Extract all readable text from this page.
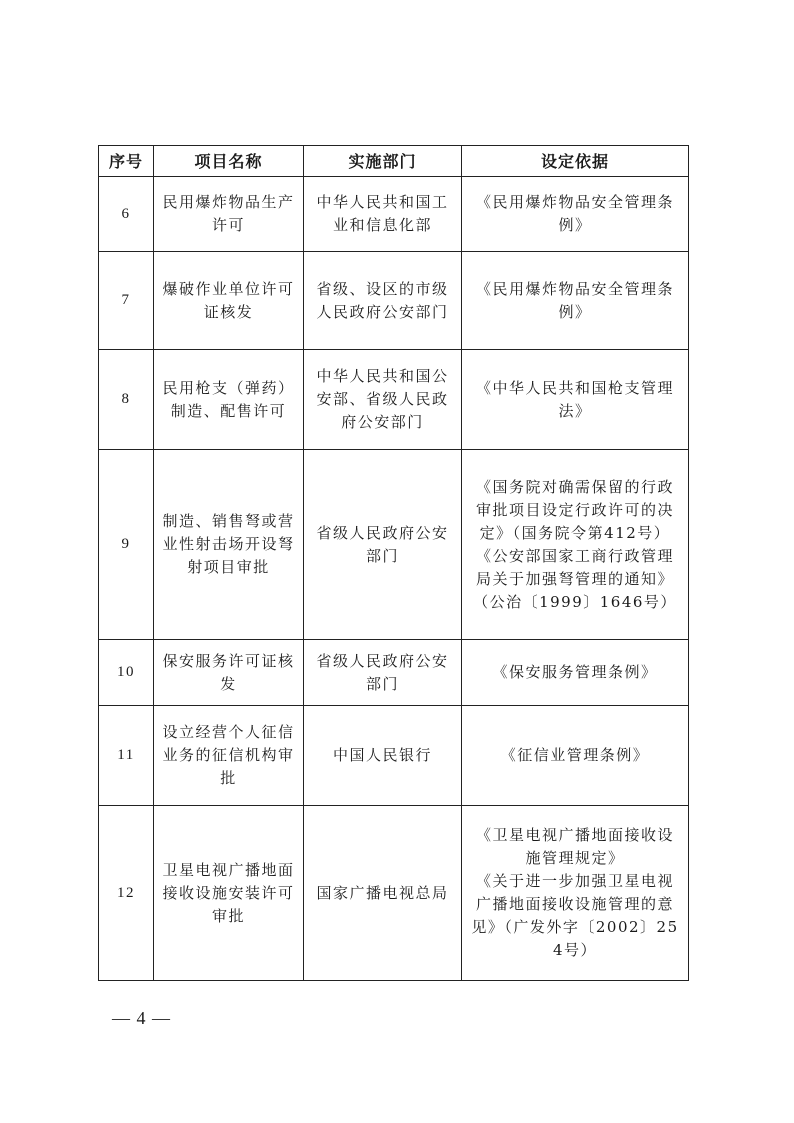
序号	项目名称	实施部门	设定依据
6	民用爆炸物品生产许可	中华人民共和国工业和信息化部	《民用爆炸物品安全管理条例》

7	爆破作业单位许可证核发	省级、设区的市级人民政府公安部门	《民用爆炸物品安全管理条例》

8	民用枪支（弹药）制造、配售许可	中华人民共和国公安部、省级人民政府公安部门	《中华人民共和国枪支管理法》

9	制造、销售弩或营业性射击场开设弩射项目审批	省级人民政府公安部门	《国务院对确需保留的行政审批项目设定行政许可的决定》（国务院令第412号）
《公安部国家工商行政管理局关于加强弩管理的通知》（公治〔1999〕1646号）

10	保安服务许可证核发	省级人民政府公安部门	《保安服务管理条例》

11	设立经营个人征信业务的征信机构审批	中国人民银行	《征信业管理条例》

12	卫星电视广播地面接收设施安装许可审批	国家广播电视总局	《卫星电视广播地面接收设施管理规定》
《关于进一步加强卫星电视广播地面接收设施管理的意见》（广发外字〔2002〕254号）
— 4 —
